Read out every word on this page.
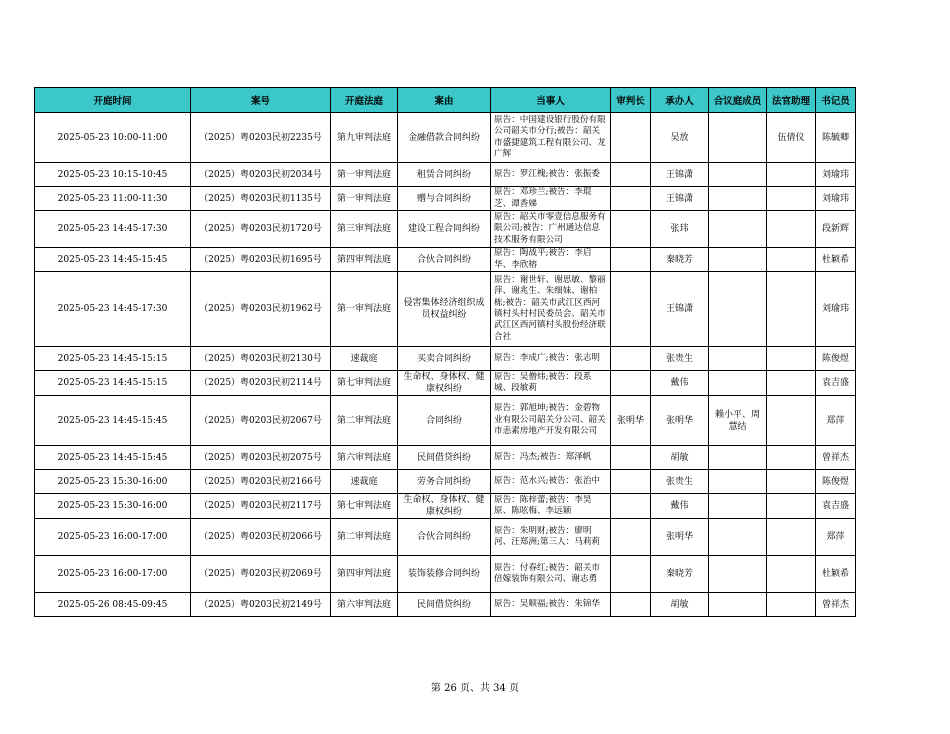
开庭时间	案号	开庭法庭	案由	当事人	审判长	承办人	合议庭成员	法官助理	书记员
2025-05-23 10:00-11:00	（2025）粤0203民初2235号	第九审判法庭	金融借款合同纠纷	原告：中国建设银行股份有限公司韶关市分行;被告：韶关市盛捷建筑工程有限公司、龙广辉		吴放		伍倩仪	陈毓卿
2025-05-23 10:15-10:45	（2025）粤0203民初2034号	第一审判法庭	租赁合同纠纷	原告：罗江槐;被告：张振委		王锦潇			刘瑜玮
2025-05-23 11:00-11:30	（2025）粤0203民初1135号	第一审判法庭	赠与合同纠纷	原告：邓珍兰;被告：李琨芝、谭香娣		王锦潇			刘瑜玮
2025-05-23 14:45-17:30	（2025）粤0203民初1720号	第三审判法庭	建设工程合同纠纷	原告：韶关市零壹信息服务有限公司;被告：广州通达信息技术服务有限公司		张玮			段新辉
2025-05-23 14:45-15:45	（2025）粤0203民初1695号	第四审判法庭	合伙合同纠纷	原告：陶战平;被告：李启华、李欣榕		秦晓芳			杜颖希
2025-05-23 14:45-17:30	（2025）粤0203民初1962号	第一审判法庭	侵害集体经济组织成员权益纠纷	原告：谢世轩、谢思敏、黎丽萍、谢兆生、朱细妹、谢柏栋;被告：韶关市武江区西河镇村头村村民委员会、韶关市武江区西河镇村头股份经济联合社		王锦潇			刘瑜玮
2025-05-23 14:45-15:15	（2025）粤0203民初2130号	速裁庭	买卖合同纠纷	原告：李成广;被告：张志明		张贵生			陈俊煜
2025-05-23 14:45-15:15	（2025）粤0203民初2114号	第七审判法庭	生命权、身体权、健康权纠纷	原告：吴僧炜;被告：段系城、段敏莉		戴伟			袁吉盛
2025-05-23 14:45-15:45	（2025）粤0203民初2067号	第二审判法庭	合同纠纷	原告：郭旭坤;被告：金碧物业有限公司韶关分公司、韶关市恚素房地产开发有限公司	张明华	张明华	赖小平、周慧结		郑萍
2025-05-23 14:45-15:45	（2025）粤0203民初2075号	第六审判法庭	民间借贷纠纷	原告：冯杰;被告：郑泽帆		胡敏			曾祥杰
2025-05-23 15:30-16:00	（2025）粤0203民初2166号	速裁庭	劳务合同纠纷	原告：范水兴;被告：张治中		张贵生			陈俊煜
2025-05-23 15:30-16:00	（2025）粤0203民初2117号	第七审判法庭	生命权、身体权、健康权纠纷	原告：陈梓蕾;被告：李昊原、陈呟梅、李远颖		戴伟			袁吉盛
2025-05-23 16:00-17:00	（2025）粤0203民初2066号	第二审判法庭	合伙合同纠纷	原告：朱明财;被告：廖明河、汪郑洲;第三人：马莉莉		张明华			郑萍
2025-05-23 16:00-17:00	（2025）粤0203民初2069号	第四审判法庭	装饰装修合同纠纷	原告：付春红;被告：韶关市倍嫁装饰有限公司、谢志勇		秦晓芳			杜颖希
2025-05-26 08:45-09:45	（2025）粤0203民初2149号	第六审判法庭	民间借贷纠纷	原告：吴顺福;被告：朱锦华		胡敏			曾祥杰
第 26 页、共 34 页
